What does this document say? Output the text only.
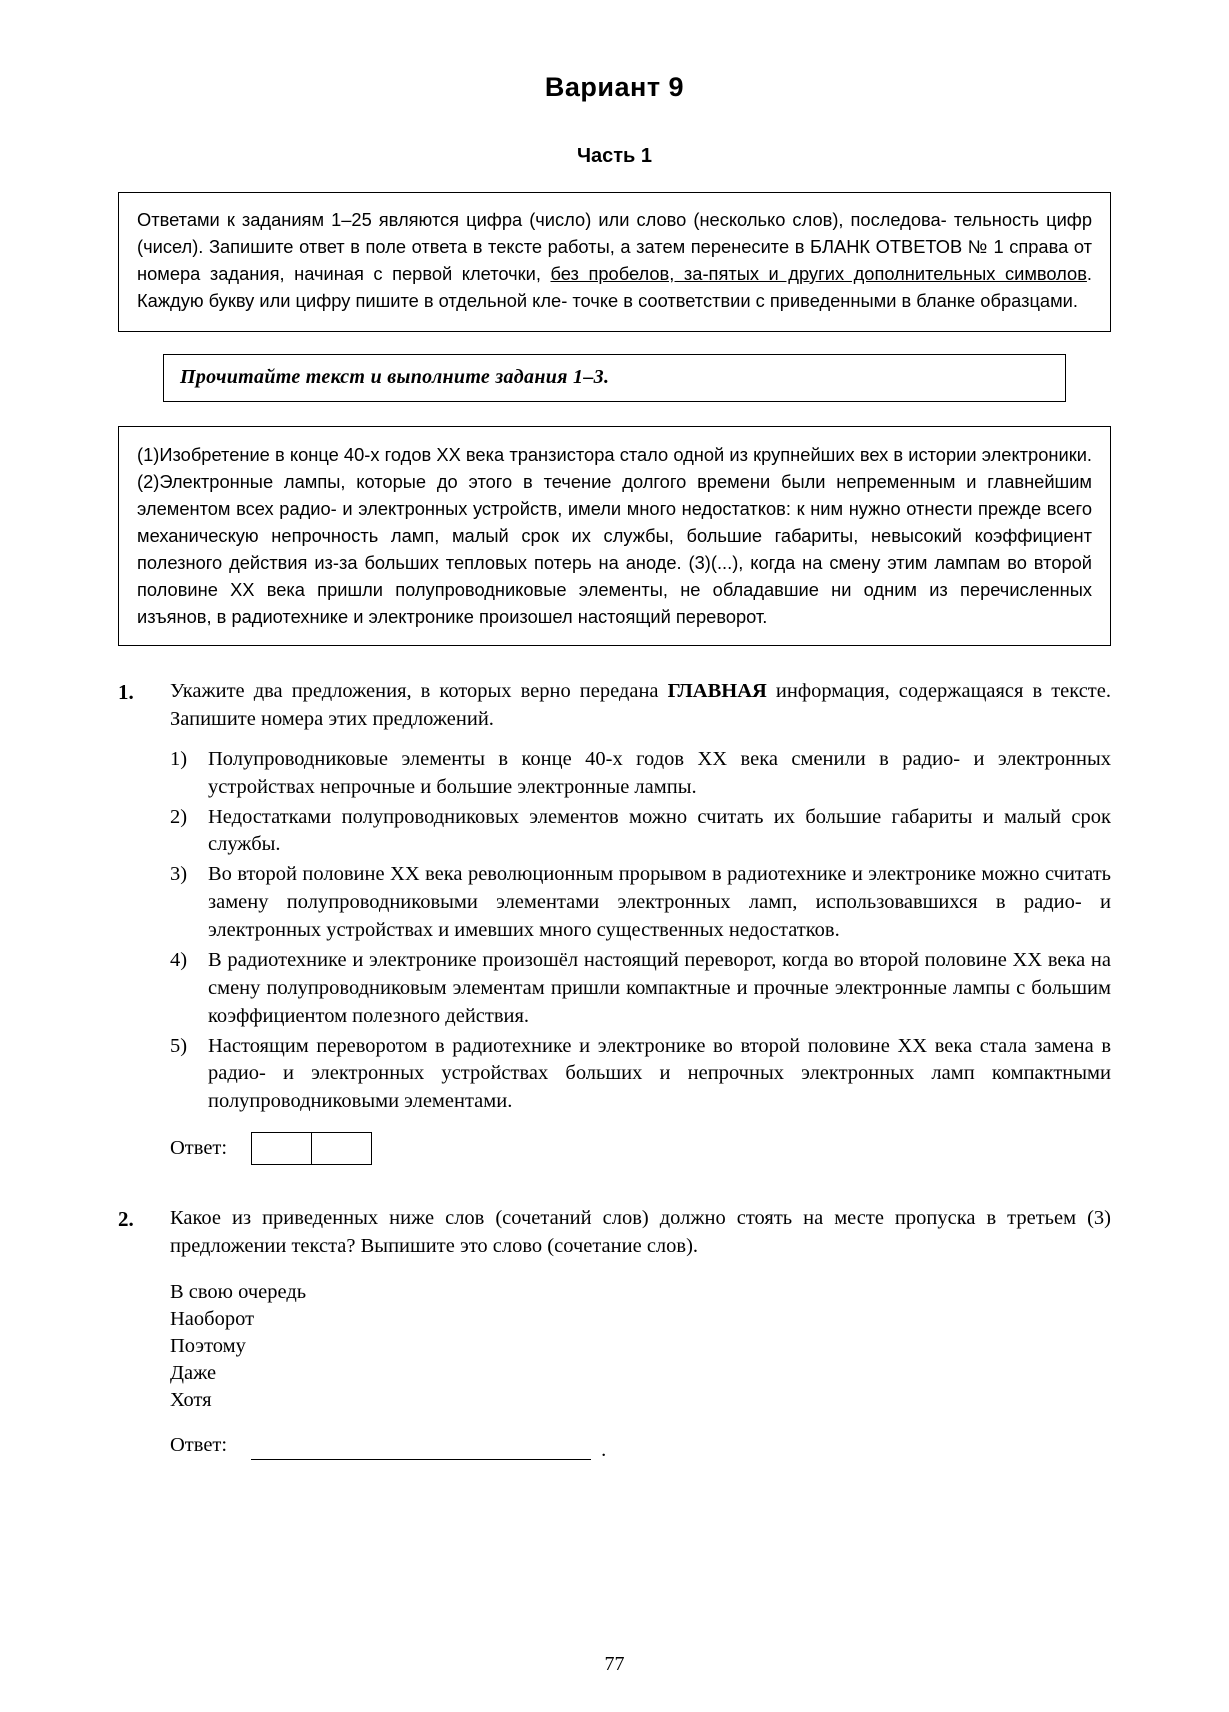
Вариант 9
Часть 1
Ответами к заданиям 1–25 являются цифра (число) или слово (несколько слов), последова- тельность цифр (чисел). Запишите ответ в поле ответа в тексте работы, а затем перенесите в БЛАНК ОТВЕТОВ № 1 справа от номера задания, начиная с первой клеточки, без пробелов, за-пятых и других дополнительных символов. Каждую букву или цифру пишите в отдельной кле- точке в соответствии с приведенными в бланке образцами.
Прочитайте текст и выполните задания 1–3.
(1)Изобретение в конце 40-х годов XX века транзистора стало одной из крупнейших вех в истории электроники. (2)Электронные лампы, которые до этого в течение долгого времени были непременным и главнейшим элементом всех радио- и электронных устройств, имели много недостатков: к ним нужно отнести прежде всего механическую непрочность ламп, малый срок их службы, большие габариты, невысокий коэффициент полезного действия из-за больших тепловых потерь на аноде. (3)(...), когда на смену этим лампам во второй половине XX века пришли полупроводниковые элементы, не обладавшие ни одним из перечисленных изъянов, в радиотехнике и электронике произошел настоящий переворот.
1.	Укажите два предложения, в которых верно передана ГЛАВНАЯ информация, содержащаяся в тексте. Запишите номера этих предложений.
1)	Полупроводниковые элементы в конце 40-х годов XX века сменили в радио- и электронных устройствах непрочные и большие электронные лампы.
2)	Недостатками полупроводниковых элементов можно считать их большие габариты и малый срок службы.
3)	Во второй половине XX века революционным прорывом в радиотехнике и электронике можно считать замену полупроводниковыми элементами электронных ламп, использовавшихся в радио- и электронных устройствах и имевших много существенных недостатков.
4)	В радиотехнике и электронике произошёл настоящий переворот, когда во второй половине XX века на смену полупроводниковым элементам пришли компактные и прочные электронные лампы с большим коэффициентом полезного действия.
5)	Настоящим переворотом в радиотехнике и электронике во второй половине XX века стала замена в радио- и электронных устройствах больших и непрочных электронных ламп компактными полупроводниковыми элементами.
Ответ:
2.	Какое из приведенных ниже слов (сочетаний слов) должно стоять на месте пропуска в третьем (3) предложении текста? Выпишите это слово (сочетание слов).
В свою очередь
Наоборот
Поэтому
Даже
Хотя
Ответ:	.
77
